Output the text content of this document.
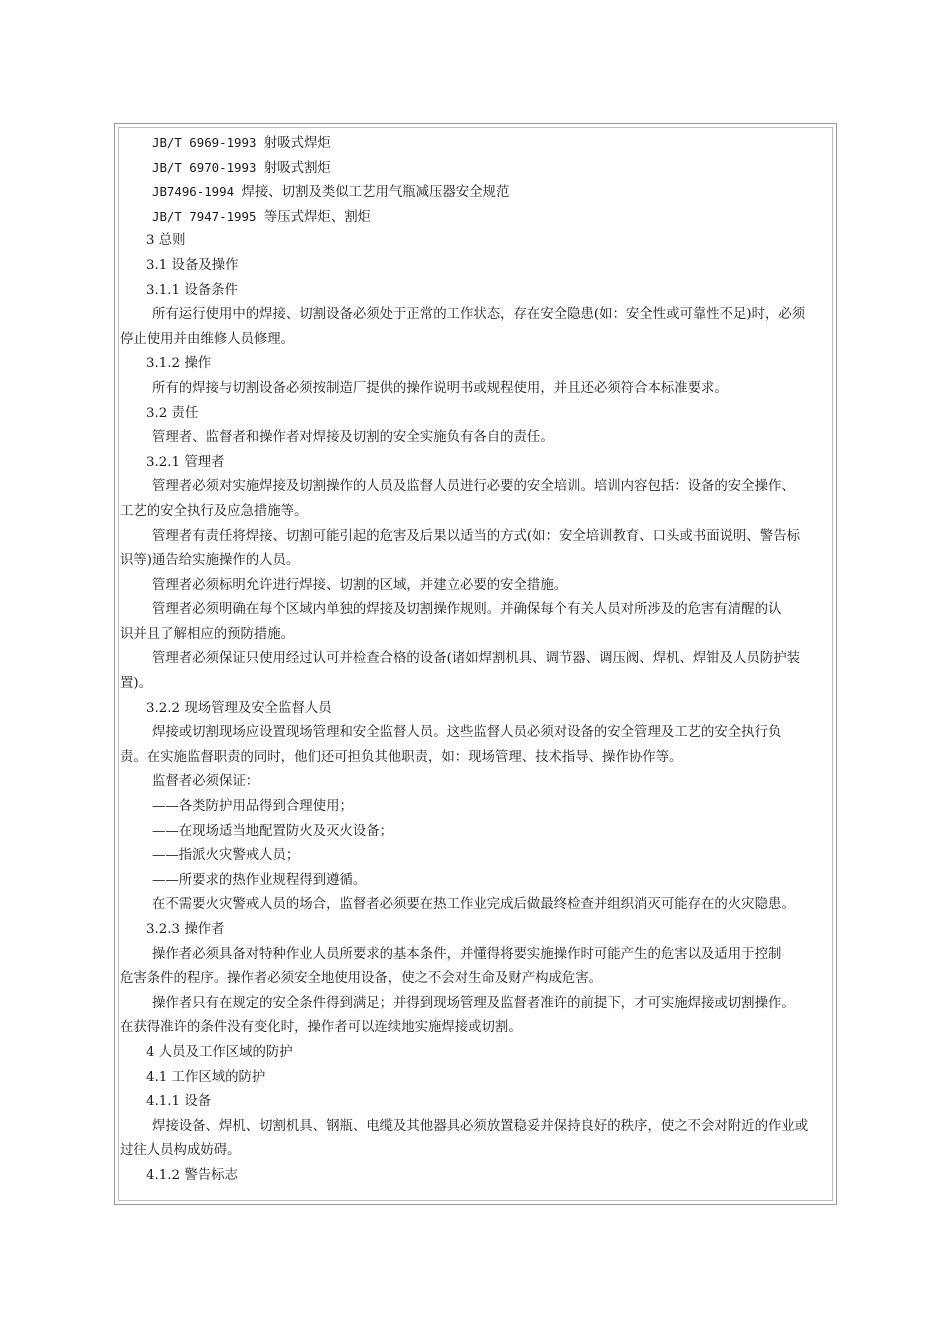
JB/T 6969-1993 射吸式焊炬
JB/T 6970-1993 射吸式割炬
JB7496-1994 焊接、切割及类似工艺用气瓶减压器安全规范
JB/T 7947-1995 等压式焊炬、割炬
3 总则
3.1 设备及操作
3.1.1 设备条件
所有运行使用中的焊接、切割设备必须处于正常的工作状态，存在安全隐患(如：安全性或可靠性不足)时，必须
停止使用并由维修人员修理。
3.1.2 操作
所有的焊接与切割设备必须按制造厂提供的操作说明书或规程使用，并且还必须符合本标准要求。
3.2 责任
管理者、监督者和操作者对焊接及切割的安全实施负有各自的责任。
3.2.1 管理者
管理者必须对实施焊接及切割操作的人员及监督人员进行必要的安全培训。培训内容包括：设备的安全操作、
工艺的安全执行及应急措施等。
管理者有责任将焊接、切割可能引起的危害及后果以适当的方式(如：安全培训教育、口头或书面说明、警告标
识等)通告给实施操作的人员。
管理者必须标明允许进行焊接、切割的区域，并建立必要的安全措施。
管理者必须明确在每个区域内单独的焊接及切割操作规则。并确保每个有关人员对所涉及的危害有清醒的认
识并且了解相应的预防措施。
管理者必须保证只使用经过认可并检查合格的设备(诸如焊割机具、调节器、调压阀、焊机、焊钳及人员防护装
置)。
3.2.2 现场管理及安全监督人员
焊接或切割现场应设置现场管理和安全监督人员。这些监督人员必须对设备的安全管理及工艺的安全执行负
责。在实施监督职责的同时，他们还可担负其他职责，如：现场管理、技术指导、操作协作等。
监督者必须保证：
——各类防护用品得到合理使用；
——在现场适当地配置防火及灭火设备；
——指派火灾警戒人员；
——所要求的热作业规程得到遵循。
在不需要火灾警戒人员的场合，监督者必须要在热工作业完成后做最终检查并组织消灭可能存在的火灾隐患。
3.2.3 操作者
操作者必须具备对特种作业人员所要求的基本条件，并懂得将要实施操作时可能产生的危害以及适用于控制
危害条件的程序。操作者必须安全地使用设备，使之不会对生命及财产构成危害。
操作者只有在规定的安全条件得到满足；并得到现场管理及监督者准许的前提下，才可实施焊接或切割操作。
在获得准许的条件没有变化时，操作者可以连续地实施焊接或切割。
4 人员及工作区域的防护
4.1 工作区域的防护
4.1.1 设备
焊接设备、焊机、切割机具、钢瓶、电缆及其他器具必须放置稳妥并保持良好的秩序，使之不会对附近的作业或
过往人员构成妨碍。
4.1.2 警告标志
